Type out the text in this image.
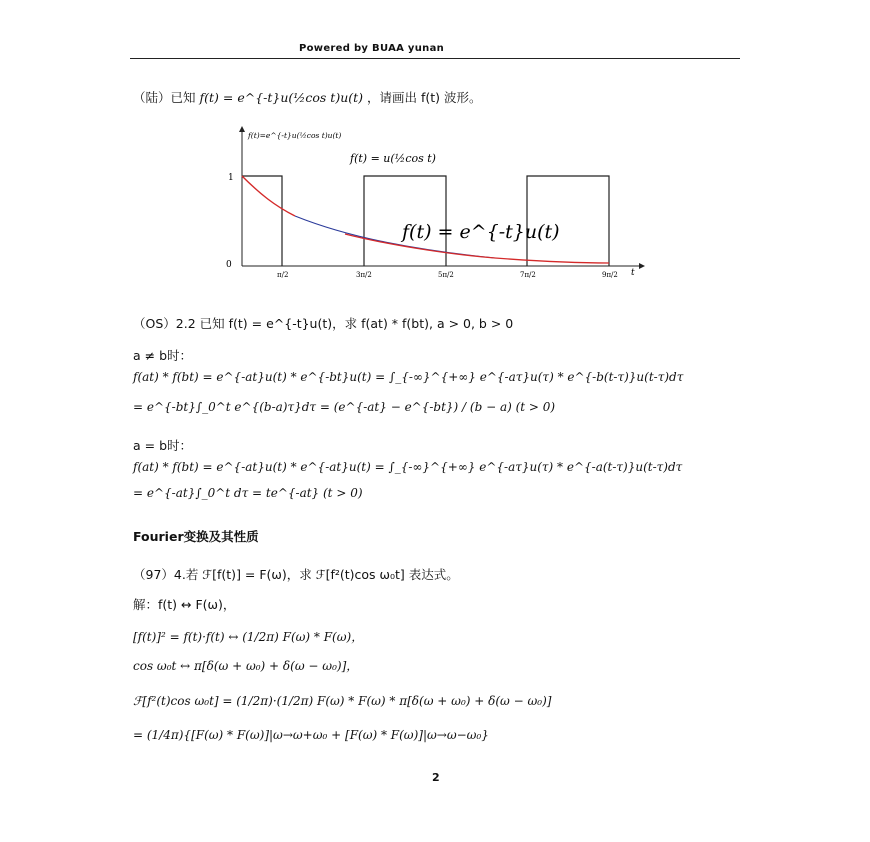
Powered by BUAA yunan
（陆）已知 f(t) = e^{-t}u(½cos t)u(t) ，请画出 f(t) 波形。
f(t)=e^{-t}u(½cos t)u(t)
f(t) = u(½cos t)
f(t) = e^{-t}u(t)
1
0
t
π/2	3π/2	5π/2	7π/2	9π/2
（OS）2.2 已知 f(t) = e^{-t}u(t)，求 f(at) * f(bt), a > 0, b > 0
a ≠ b时：
f(at) * f(bt) = e^{-at}u(t) * e^{-bt}u(t) = ∫_{-∞}^{+∞} e^{-aτ}u(τ) * e^{-b(t-τ)}u(t-τ)dτ
= e^{-bt}∫_0^t e^{(b-a)τ}dτ = (e^{-at} − e^{-bt}) / (b − a) (t > 0)
a = b时：
f(at) * f(bt) = e^{-at}u(t) * e^{-at}u(t) = ∫_{-∞}^{+∞} e^{-aτ}u(τ) * e^{-a(t-τ)}u(t-τ)dτ
= e^{-at}∫_0^t dτ = te^{-at} (t > 0)
Fourier变换及其性质
（97）4.若 ℱ[f(t)] = F(ω)，求 ℱ[f²(t)cos ω₀t] 表达式。
解：f(t) ↔ F(ω)，
[f(t)]² = f(t)·f(t) ↔ (1/2π) F(ω) * F(ω)，
cos ω₀t ↔ π[δ(ω + ω₀) + δ(ω − ω₀)]，
ℱ[f²(t)cos ω₀t] = (1/2π)·(1/2π) F(ω) * F(ω) * π[δ(ω + ω₀) + δ(ω − ω₀)]
= (1/4π){[F(ω) * F(ω)]|ω→ω+ω₀ + [F(ω) * F(ω)]|ω→ω−ω₀}
2
